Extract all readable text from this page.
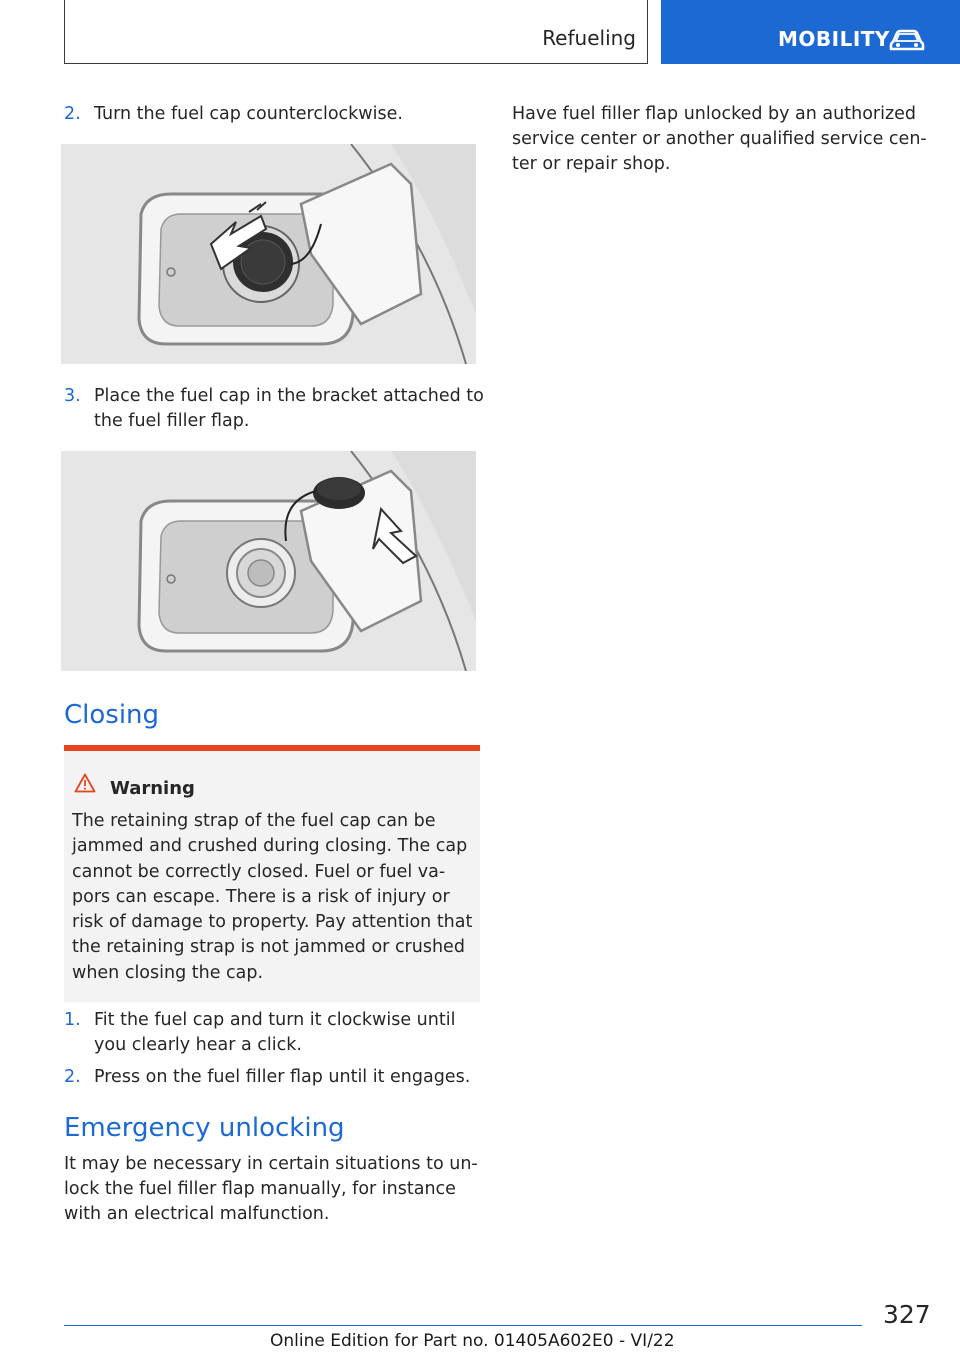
Refueling	MOBILITY
2. Turn the fuel cap counterclockwise.
3. Place the fuel cap in the bracket attached to the fuel filler flap.
Closing
Warning
The retaining strap of the fuel cap can be jammed and crushed during closing. The cap cannot be correctly closed. Fuel or fuel va-pors can escape. There is a risk of injury or risk of damage to property. Pay attention that the retaining strap is not jammed or crushed when closing the cap.
1. Fit the fuel cap and turn it clockwise until you clearly hear a click.
2. Press on the fuel filler flap until it engages.
Emergency unlocking
It may be necessary in certain situations to un-lock the fuel filler flap manually, for instance with an electrical malfunction.
Have fuel filler flap unlocked by an authorized service center or another qualified service cen-ter or repair shop.
327
Online Edition for Part no. 01405A602E0 - VI/22
